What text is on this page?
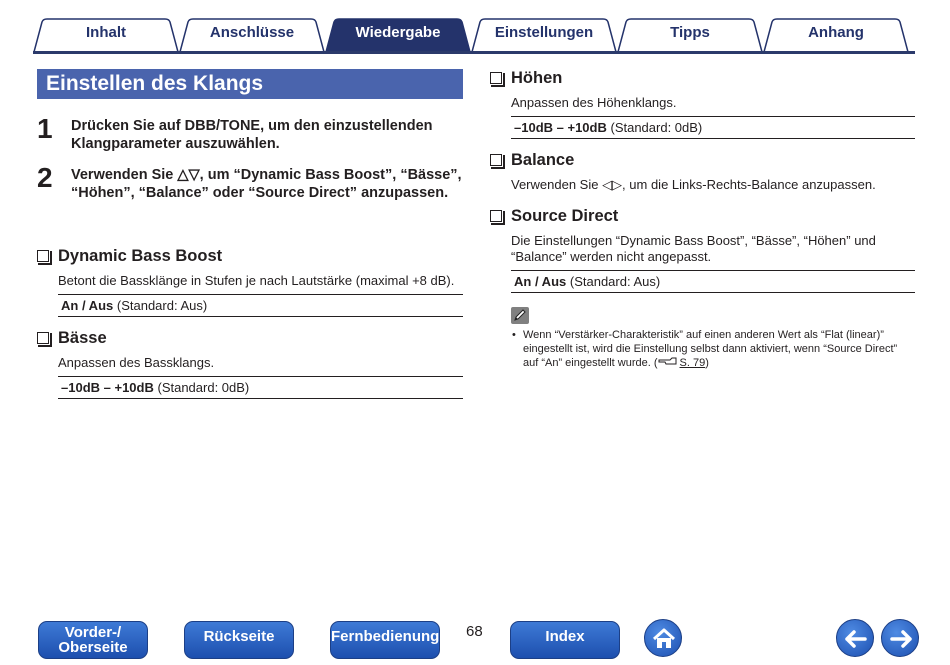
Inhalt	Anschlüsse	Wiedergabe	Einstellungen	Tipps	Anhang
Einstellen des Klangs
1 Drücken Sie auf DBB/TONE, um den einzustellenden Klangparameter auszuwählen.
2 Verwenden Sie △▽, um “Dynamic Bass Boost”, “Bässe”, “Höhen”, “Balance” oder “Source Direct” anzupassen.
Dynamic Bass Boost
Betont die Bassklänge in Stufen je nach Lautstärke (maximal +8 dB).
An / Aus (Standard: Aus)
Bässe
Anpassen des Bassklangs.
–10dB – +10dB (Standard: 0dB)
Höhen
Anpassen des Höhenklangs.
–10dB – +10dB (Standard: 0dB)
Balance
Verwenden Sie ◁▷, um die Links-Rechts-Balance anzupassen.
Source Direct
Die Einstellungen “Dynamic Bass Boost”, “Bässe”, “Höhen” und “Balance” werden nicht angepasst.
An / Aus (Standard: Aus)
• Wenn “Verstärker-Charakteristik” auf einen anderen Wert als “Flat (linear)” eingestellt ist, wird die Einstellung selbst dann aktiviert, wenn “Source Direct” auf “An” eingestellt wurde. ( S. 79)
Vorder-/
Oberseite
Rückseite	Fernbedienung 68	Index
